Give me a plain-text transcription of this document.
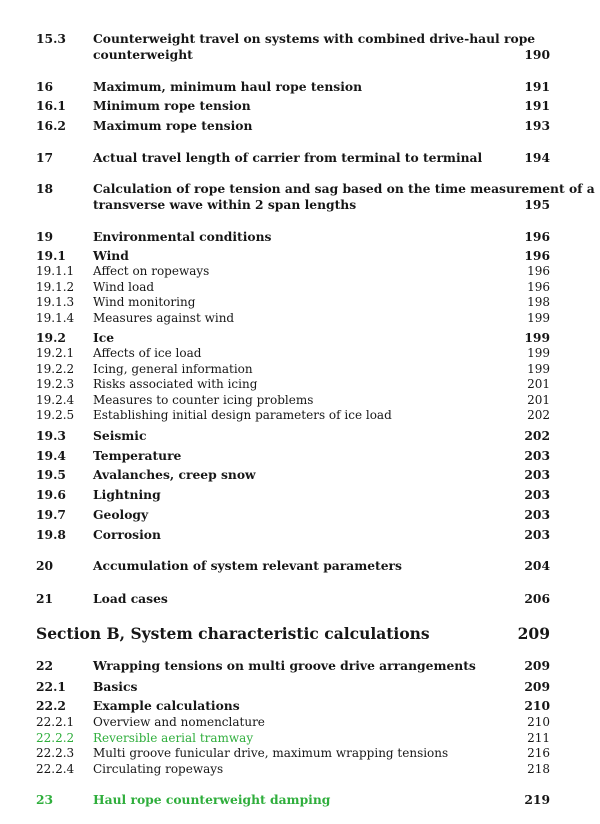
15.3 Counterweight travel on systems with combined drive-haul rope
counterweight	190
16	Maximum, minimum haul rope tension	191
16.1 Minimum rope tension	191
16.2 Maximum rope tension	193
17	Actual travel length of carrier from terminal to terminal	194
18	Calculation of rope tension and sag based on the time measurement of a
transverse wave within 2 span lengths	195
19	Environmental conditions	196
19.1 Wind	196
19.1.1 Affect on ropeways	196
19.1.2 Wind load	196
19.1.3 Wind monitoring	198
19.1.4 Measures against wind	199
19.2 Ice	199
19.2.1 Affects of ice load	199
19.2.2 Icing, general information	199
19.2.3 Risks associated with icing	201
19.2.4 Measures to counter icing problems	201
19.2.5 Establishing initial design parameters of ice load	202
19.3 Seismic	202
19.4 Temperature	203
19.5 Avalanches, creep snow	203
19.6 Lightning	203
19.7 Geology	203
19.8 Corrosion	203
20	Accumulation of system relevant parameters	204
21	Load cases	206
Section B, System characteristic calculations	209
22	Wrapping tensions on multi groove drive arrangements	209
22.1 Basics	209
22.2 Example calculations	210
22.2.1 Overview and nomenclature	210
22.2.2 Reversible aerial tramway	211
22.2.3 Multi groove funicular drive, maximum wrapping tensions	216
22.2.4 Circulating ropeways	218
23	Haul rope counterweight damping	219
